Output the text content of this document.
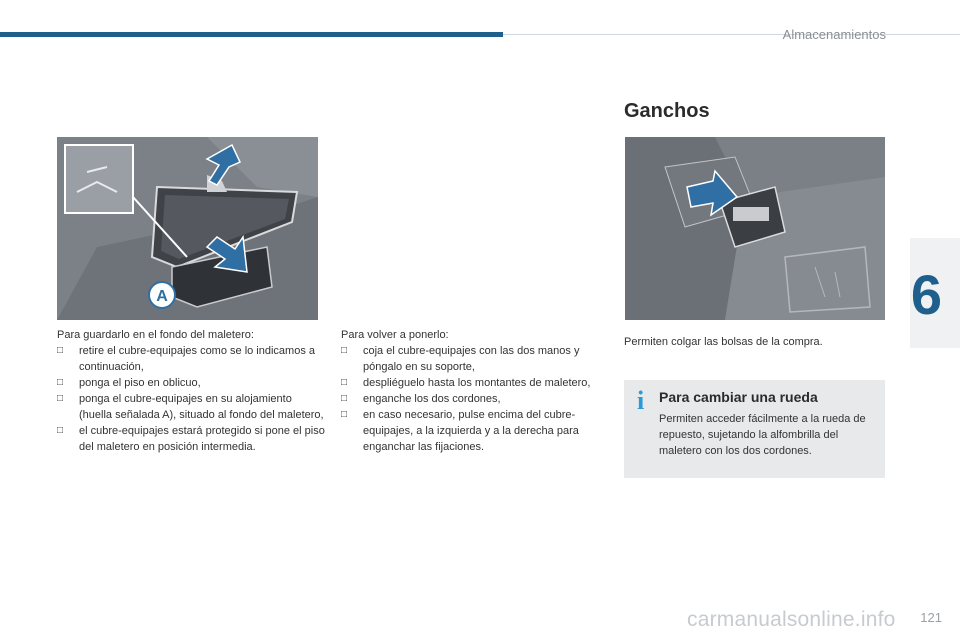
Almacenamientos
6
A

Para guardarlo en el fondo del maletero:

□ retire el cubre-equipajes como se lo indicamos a continuación,
□ ponga el piso en oblicuo,
□ ponga el cubre-equipajes en su alojamiento (huella señalada A), situado al fondo del maletero,
□ el cubre-equipajes estará protegido si pone el piso del maletero en posición intermedia.

Para volver a ponerlo:

□ coja el cubre-equipajes con las dos manos y póngalo en su soporte,
□ despliéguelo hasta los montantes de maletero,
□ enganche los dos cordones,
□ en caso necesario, pulse encima del cubre-equipajes, a la izquierda y a la derecha para enganchar las fijaciones.
Ganchos
Permiten colgar las bolsas de la compra.
i	Para cambiar una rueda
Permiten acceder fácilmente a la rueda de repuesto, sujetando la alfombrilla del maletero con los dos cordones.
carmanualsonline.info 121
